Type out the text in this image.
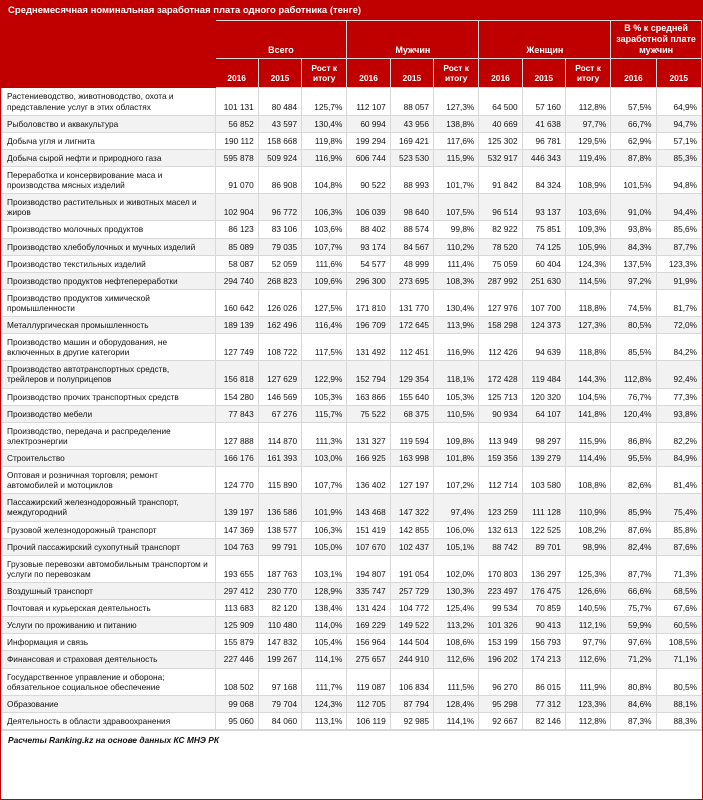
Среднемесячная номинальная заработная плата одного работника (тенге)
	Всего			Мужчин			Женщин			В % к средней заработной плате мужчин	
	2016	2015	Рост к итогу	2016	2015	Рост к итогу	2016	2015	Рост к итогу	2016	2015
Растениеводство, животноводство, охота и представление услуг в этих областях	101 131	80 484	125,7%	112 107	88 057	127,3%	64 500	57 160	112,8%	57,5%	64,9%
Рыболовство и аквакультура	56 852	43 597	130,4%	60 994	43 956	138,8%	40 669	41 638	97,7%	66,7%	94,7%
Добыча угля и лигнита	190 112	158 668	119,8%	199 294	169 421	117,6%	125 302	96 781	129,5%	62,9%	57,1%
Добыча сырой нефти и природного газа	595 878	509 924	116,9%	606 744	523 530	115,9%	532 917	446 343	119,4%	87,8%	85,3%
Переработка и консервирование маса и производства мясных изделий	91 070	86 908	104,8%	90 522	88 993	101,7%	91 842	84 324	108,9%	101,5%	94,8%
Производство растительных и животных масел и жиров	102 904	96 772	106,3%	106 039	98 640	107,5%	96 514	93 137	103,6%	91,0%	94,4%
Производство молочных продуктов	86 123	83 106	103,6%	88 402	88 574	99,8%	82 922	75 851	109,3%	93,8%	85,6%
Производство хлебобулочных и мучных изделий	85 089	79 035	107,7%	93 174	84 567	110,2%	78 520	74 125	105,9%	84,3%	87,7%
Производство текстильных изделий	58 087	52 059	111,6%	54 577	48 999	111,4%	75 059	60 404	124,3%	137,5%	123,3%
Производство продуктов нефтепереработки	294 740	268 823	109,6%	296 300	273 695	108,3%	287 992	251 630	114,5%	97,2%	91,9%
Производство продуктов химической промышленности	160 642	126 026	127,5%	171 810	131 770	130,4%	127 976	107 700	118,8%	74,5%	81,7%
Металлургическая промышленность	189 139	162 496	116,4%	196 709	172 645	113,9%	158 298	124 373	127,3%	80,5%	72,0%
Производство машин и оборудования, не включенных в другие категории	127 749	108 722	117,5%	131 492	112 451	116,9%	112 426	94 639	118,8%	85,5%	84,2%
Производство автотранспортных средств, трейлеров и полуприцепов	156 818	127 629	122,9%	152 794	129 354	118,1%	172 428	119 484	144,3%	112,8%	92,4%
Производство прочих транспортных средств	154 280	146 569	105,3%	163 866	155 640	105,3%	125 713	120 320	104,5%	76,7%	77,3%
Производство мебели	77 843	67 276	115,7%	75 522	68 375	110,5%	90 934	64 107	141,8%	120,4%	93,8%
Производство, передача и распределение электроэнергии	127 888	114 870	111,3%	131 327	119 594	109,8%	113 949	98 297	115,9%	86,8%	82,2%
Строительство	166 176	161 393	103,0%	166 925	163 998	101,8%	159 356	139 279	114,4%	95,5%	84,9%
Оптовая и розничная торговля; ремонт автомобилей и мотоциклов	124 770	115 890	107,7%	136 402	127 197	107,2%	112 714	103 580	108,8%	82,6%	81,4%
Пассажирский железнодорожный транспорт, междугородний	139 197	136 586	101,9%	143 468	147 322	97,4%	123 259	111 128	110,9%	85,9%	75,4%
Грузовой железнодорожный транспорт	147 369	138 577	106,3%	151 419	142 855	106,0%	132 613	122 525	108,2%	87,6%	85,8%
Прочий пассажирский сухопутный транспорт	104 763	99 791	105,0%	107 670	102 437	105,1%	88 742	89 701	98,9%	82,4%	87,6%
Грузовые перевозки автомобильным транспортом и услуги по перевозкам	193 655	187 763	103,1%	194 807	191 054	102,0%	170 803	136 297	125,3%	87,7%	71,3%
Воздушный транспорт	297 412	230 770	128,9%	335 747	257 729	130,3%	223 497	176 475	126,6%	66,6%	68,5%
Почтовая и курьерская деятельность	113 683	82 120	138,4%	131 424	104 772	125,4%	99 534	70 859	140,5%	75,7%	67,6%
Услуги по проживанию и питанию	125 909	110 480	114,0%	169 229	149 522	113,2%	101 326	90 413	112,1%	59,9%	60,5%
Информация и связь	155 879	147 832	105,4%	156 964	144 504	108,6%	153 199	156 793	97,7%	97,6%	108,5%
Финансовая и страховая деятельность	227 446	199 267	114,1%	275 657	244 910	112,6%	196 202	174 213	112,6%	71,2%	71,1%
Государственное управление и оборона; обязательное социальное обеспечение	108 502	97 168	111,7%	119 087	106 834	111,5%	96 270	86 015	111,9%	80,8%	80,5%
Образование	99 068	79 704	124,3%	112 705	87 794	128,4%	95 298	77 312	123,3%	84,6%	88,1%
Деятельность в области здравоохранения	95 060	84 060	113,1%	106 119	92 985	114,1%	92 667	82 146	112,8%	87,3%	88,3%
Расчеты Ranking.kz на основе данных КС МНЭ РК
